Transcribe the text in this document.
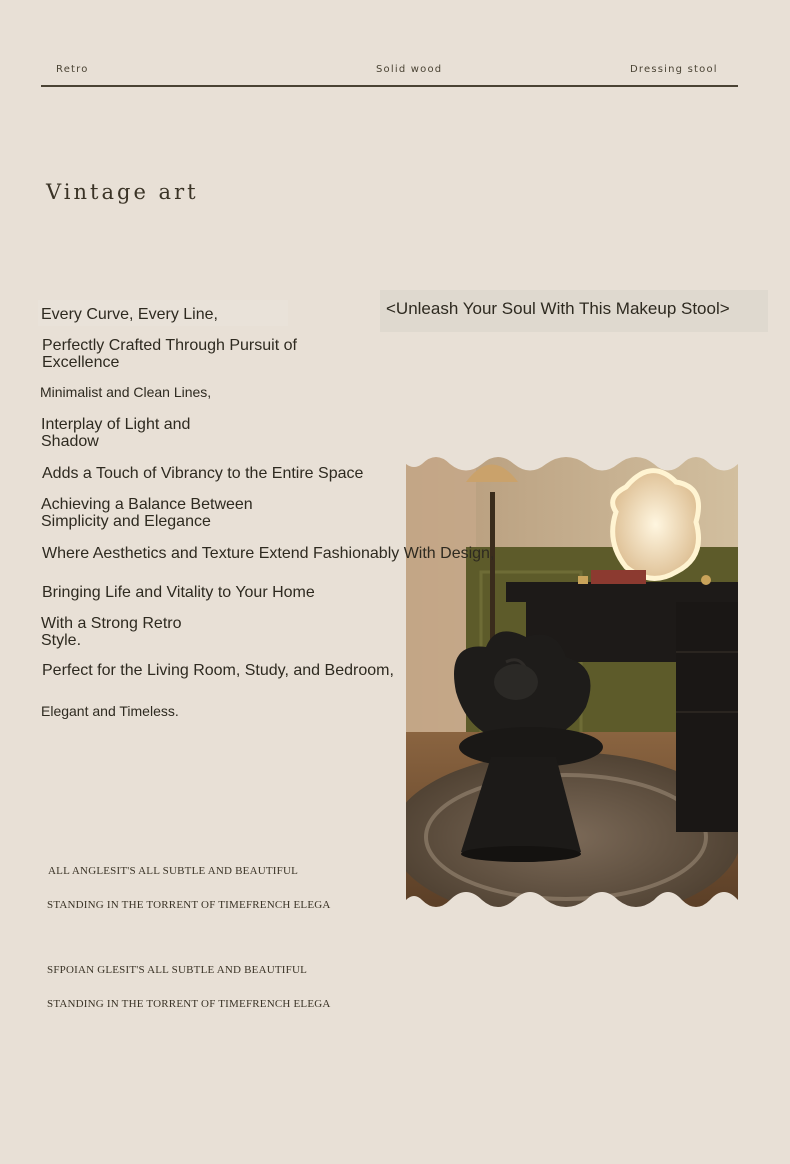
Retro	Solid wood	Dressing stool
Vintage art
<Unleash Your Soul With This Makeup Stool>
Every Curve, Every Line,
Perfectly Crafted Through Pursuit of
Excellence
Minimalist and Clean Lines,
Interplay of Light and
Shadow
Adds a Touch of Vibrancy to the Entire Space
Achieving a Balance Between
Simplicity and Elegance
Where Aesthetics and Texture Extend Fashionably With Design,
Bringing Life and Vitality to Your Home
With a Strong Retro
Style.
Perfect for the Living Room, Study, and Bedroom,
Elegant and Timeless.
ALL ANGLESIT'S ALL SUBTLE AND BEAUTIFUL
STANDING IN THE TORRENT OF TIMEFRENCH ELEGA
SFPOIAN GLESIT'S ALL SUBTLE AND BEAUTIFUL
STANDING IN THE TORRENT OF TIMEFRENCH ELEGA
